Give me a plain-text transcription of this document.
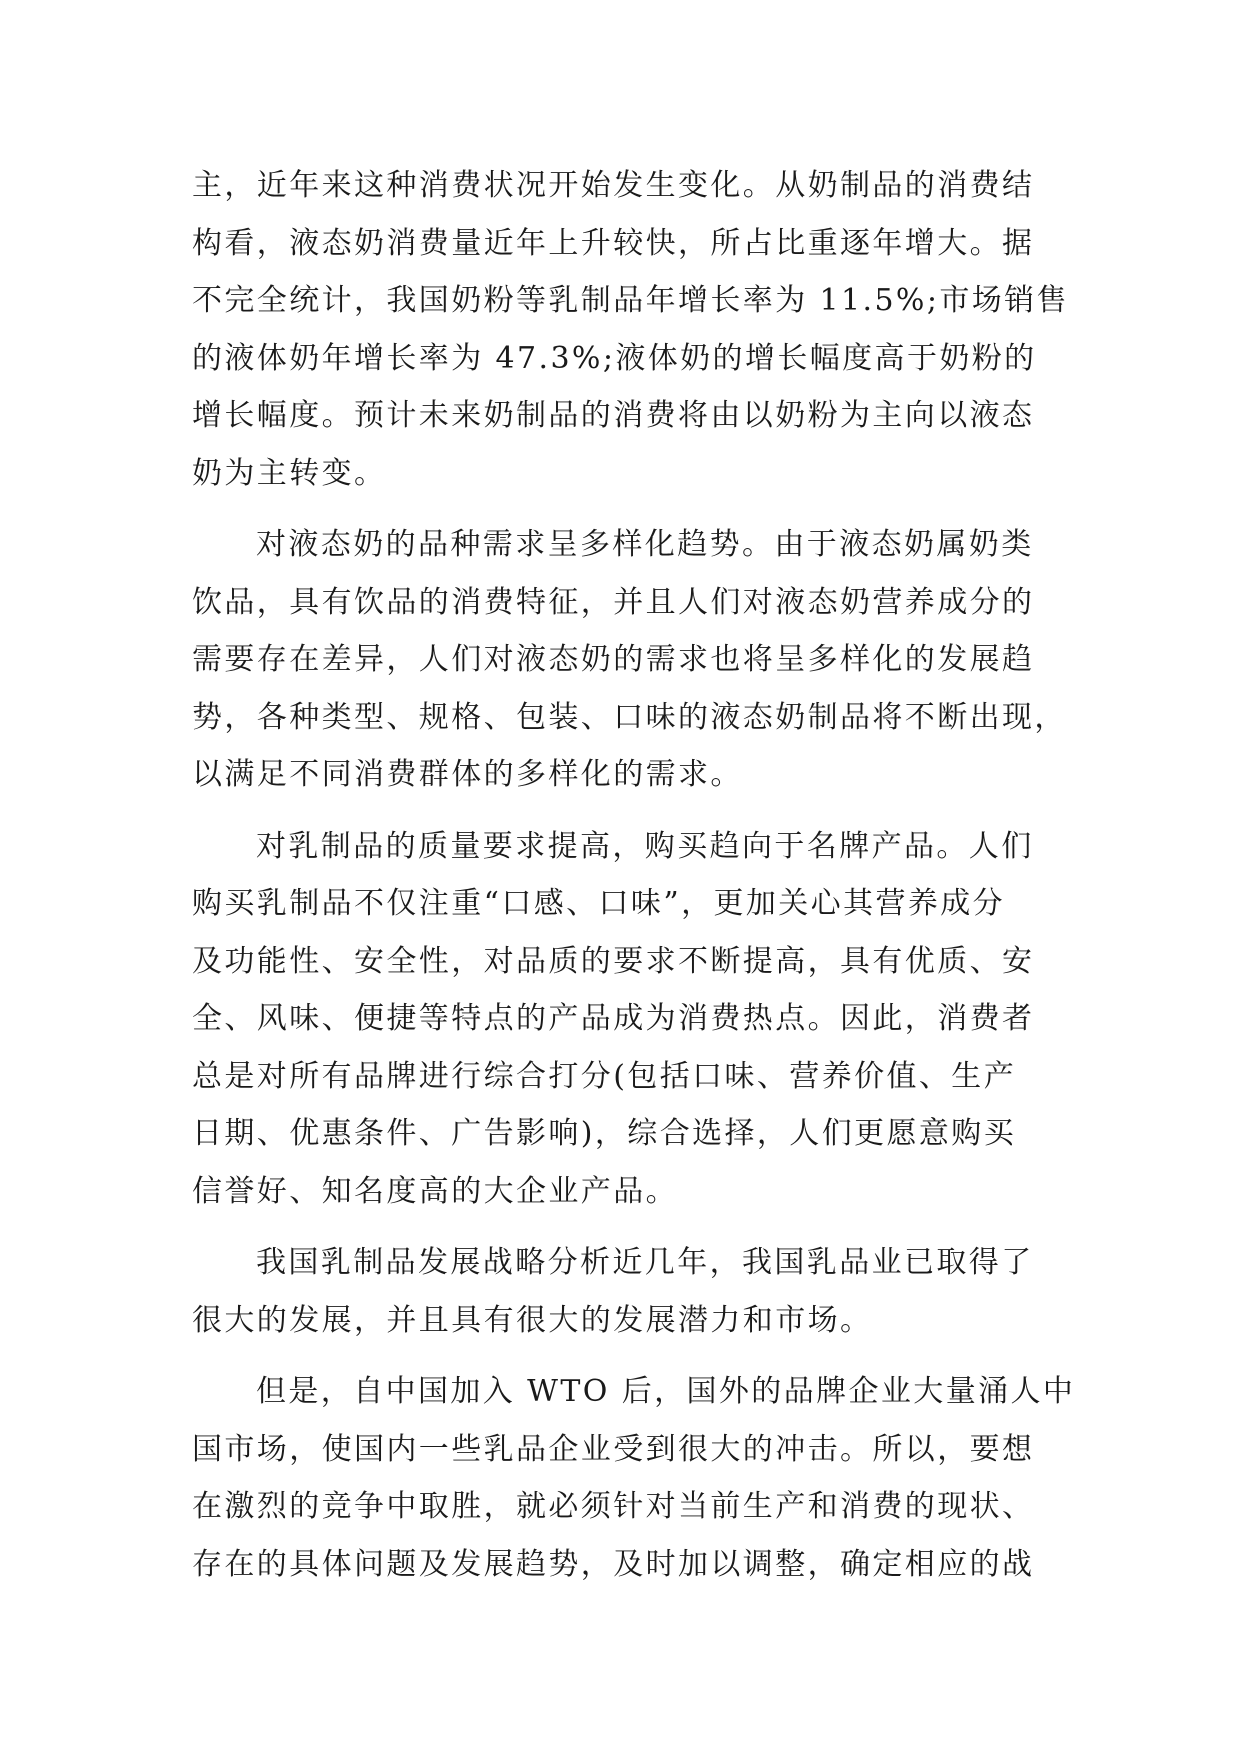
主，近年来这种消费状况开始发生变化。从奶制品的消费结
构看，液态奶消费量近年上升较快，所占比重逐年增大。据
不完全统计，我国奶粉等乳制品年增长率为 11.5%;市场销售
的液体奶年增长率为 47.3%;液体奶的增长幅度高于奶粉的
增长幅度。预计未来奶制品的消费将由以奶粉为主向以液态
奶为主转变。
对液态奶的品种需求呈多样化趋势。由于液态奶属奶类
饮品，具有饮品的消费特征，并且人们对液态奶营养成分的
需要存在差异，人们对液态奶的需求也将呈多样化的发展趋
势，各种类型、规格、包装、口味的液态奶制品将不断出现，
以满足不同消费群体的多样化的需求。
对乳制品的质量要求提高，购买趋向于名牌产品。人们
购买乳制品不仅注重“口感、口味”，更加关心其营养成分
及功能性、安全性，对品质的要求不断提高，具有优质、安
全、风味、便捷等特点的产品成为消费热点。因此，消费者
总是对所有品牌进行综合打分(包括口味、营养价值、生产
日期、优惠条件、广告影响)，综合选择，人们更愿意购买
信誉好、知名度高的大企业产品。
我国乳制品发展战略分析近几年，我国乳品业已取得了
很大的发展，并且具有很大的发展潜力和市场。
但是，自中国加入 WTO 后，国外的品牌企业大量涌人中
国市场，使国内一些乳品企业受到很大的冲击。所以，要想
在激烈的竞争中取胜，就必须针对当前生产和消费的现状、
存在的具体问题及发展趋势，及时加以调整，确定相应的战
